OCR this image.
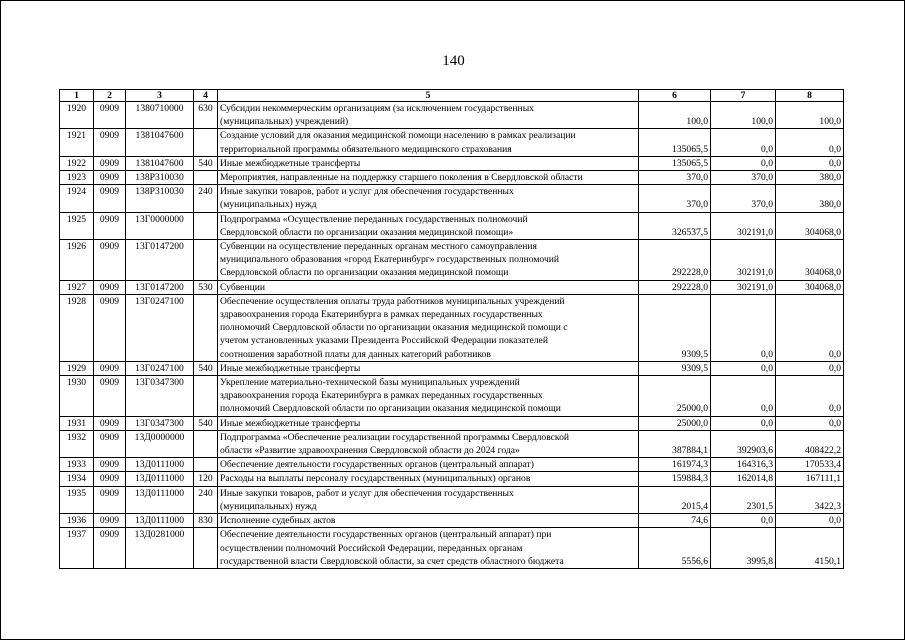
140
1	2	3	4	5	6	7	8
1920	0909	1380710000	630	Субсидии некоммерческим организациям (за исключением государственных
(муниципальных) учреждений)	100,0	100,0	100,0
1921	0909	1381047600		Создание условий для оказания медицинской помощи населению в рамках реализации
территориальной программы обязательного медицинского страхования	135065,5	0,0	0,0
1922	0909	1381047600	540	Иные межбюджетные трансферты	135065,5	0,0	0,0
1923	0909	138P310030		Мероприятия, направленные на поддержку старшего поколения в Свердловской области	370,0	370,0	380,0
1924	0909	138P310030	240	Иные закупки товаров, работ и услуг для обеспечения государственных
(муниципальных) нужд	370,0	370,0	380,0
1925	0909	13Г0000000		Подпрограмма «Осуществление переданных государственных полномочий
Свердловской области по организации оказания медицинской помощи»	326537,5	302191,0	304068,0
1926	0909	13Г0147200		Субвенции на осуществление переданных органам местного самоуправления
муниципального образования «город Екатеринбург» государственных полномочий
Свердловской области по организации оказания медицинской помощи	292228,0	302191,0	304068,0
1927	0909	13Г0147200	530	Субвенции	292228,0	302191,0	304068,0
1928	0909	13Г0247100		Обеспечение осуществления оплаты труда работников муниципальных учреждений
здравоохранения города Екатеринбурга в рамках переданных государственных
полномочий Свердловской области по организации оказания медицинской помощи с
учетом установленных указами Президента Российской Федерации показателей
соотношения заработной платы для данных категорий работников	9309,5	0,0	0,0
1929	0909	13Г0247100	540	Иные межбюджетные трансферты	9309,5	0,0	0,0
1930	0909	13Г0347300		Укрепление материально-технической базы муниципальных учреждений
здравоохранения города Екатеринбурга в рамках переданных государственных
полномочий Свердловской области по организации оказания медицинской помощи	25000,0	0,0	0,0
1931	0909	13Г0347300	540	Иные межбюджетные трансферты	25000,0	0,0	0,0
1932	0909	13Д0000000		Подпрограмма «Обеспечение реализации государственной программы Свердловской
области «Развитие здравоохранения Свердловской области до 2024 года»	387884,1	392903,6	408422,2
1933	0909	13Д0111000		Обеспечение деятельности государственных органов (центральный аппарат)	161974,3	164316,3	170533,4
1934	0909	13Д0111000	120	Расходы на выплаты персоналу государственных (муниципальных) органов	159884,3	162014,8	167111,1
1935	0909	13Д0111000	240	Иные закупки товаров, работ и услуг для обеспечения государственных
(муниципальных) нужд	2015,4	2301,5	3422,3
1936	0909	13Д0111000	830	Исполнение судебных актов	74,6	0,0	0,0
1937	0909	13Д0281000		Обеспечение деятельности государственных органов (центральный аппарат) при
осуществлении полномочий Российской Федерации, переданных органам
государственной власти Свердловской области, за счет средств областного бюджета	5556,6	3995,8	4150,1
